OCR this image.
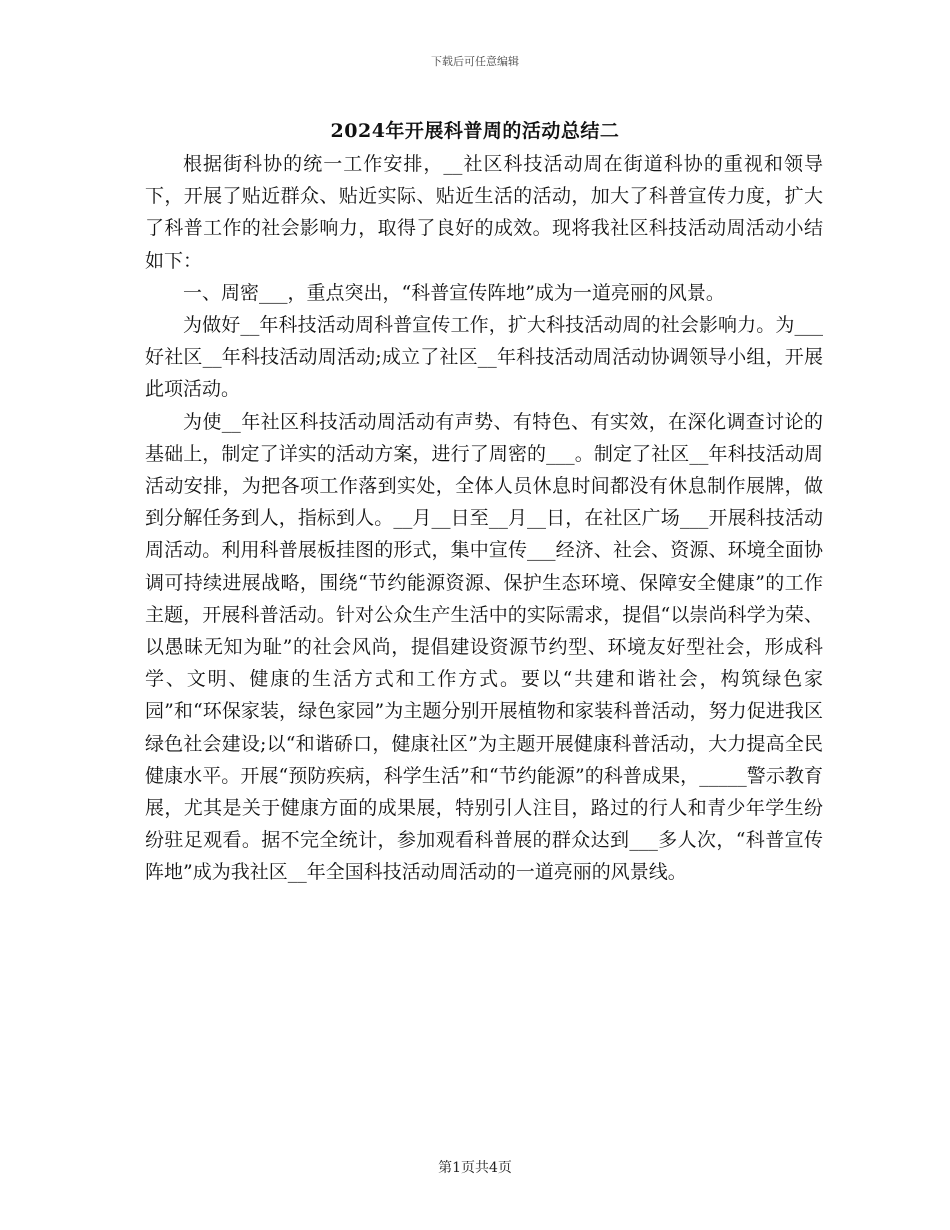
下载后可任意编辑
2024年开展科普周的活动总结二

根据街科协的统一工作安排，__社区科技活动周在街道科协的重视和领导下，开展了贴近群众、贴近实际、贴近生活的活动，加大了科普宣传力度，扩大了科普工作的社会影响力，取得了良好的成效。现将我社区科技活动周活动小结如下：

一、周密___，重点突出，“科普宣传阵地”成为一道亮丽的风景。

为做好__年科技活动周科普宣传工作，扩大科技活动周的社会影响力。为___好社区__年科技活动周活动;成立了社区__年科技活动周活动协调领导小组，开展此项活动。

为使__年社区科技活动周活动有声势、有特色、有实效，在深化调查讨论的基础上，制定了详实的活动方案，进行了周密的___。制定了社区__年科技活动周活动安排，为把各项工作落到实处，全体人员休息时间都没有休息制作展牌，做到分解任务到人，指标到人。__月__日至__月__日，在社区广场___开展科技活动周活动。利用科普展板挂图的形式，集中宣传___经济、社会、资源、环境全面协调可持续进展战略，围绕“节约能源资源、保护生态环境、保障安全健康”的工作主题，开展科普活动。针对公众生产生活中的实际需求，提倡“以崇尚科学为荣、以愚昧无知为耻”的社会风尚，提倡建设资源节约型、环境友好型社会，形成科学、文明、健康的生活方式和工作方式。要以“共建和谐社会，构筑绿色家园”和“环保家装，绿色家园”为主题分别开展植物和家装科普活动，努力促进我区绿色社会建设;以“和谐硚口，健康社区”为主题开展健康科普活动，大力提高全民健康水平。开展“预防疾病，科学生活”和“节约能源”的科普成果，_____警示教育展，尤其是关于健康方面的成果展，特别引人注目，路过的行人和青少年学生纷纷驻足观看。据不完全统计，参加观看科普展的群众达到___多人次，“科普宣传阵地”成为我社区__年全国科技活动周活动的一道亮丽的风景线。

第1页共4页
